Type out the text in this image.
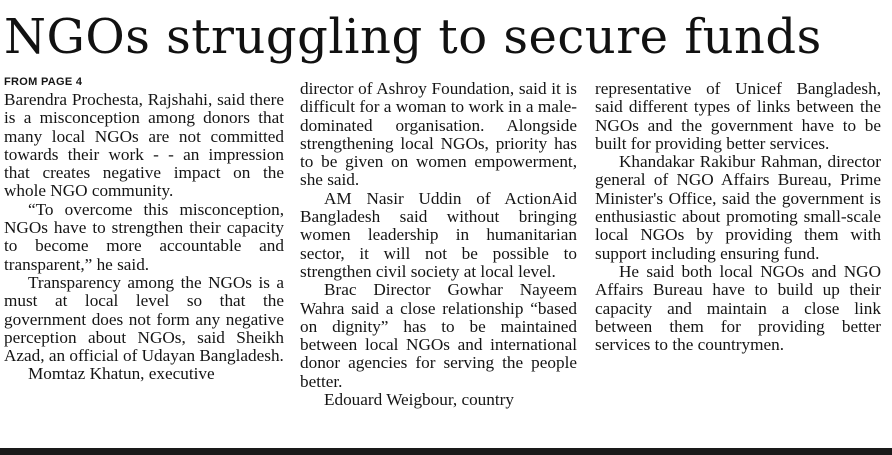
NGOs struggling to secure funds
FROM PAGE 4

Barendra Prochesta, Rajshahi, said there is a misconception among donors that many local NGOs are not committed towards their work - - an impression that creates negative impact on the whole NGO community.

“To overcome this misconception, NGOs have to strengthen their capacity to become more accountable and transparent,” he said.

Transparency among the NGOs is a must at local level so that the government does not form any negative perception about NGOs, said Sheikh Azad, an official of Udayan Bangladesh.

Momtaz Khatun, executive

director of Ashroy Foundation, said it is difficult for a woman to work in a male-dominated organisation. Alongside strengthening local NGOs, priority has to be given on women empowerment, she said.

AM Nasir Uddin of ActionAid Bangladesh said without bringing women leadership in humanitarian sector, it will not be possible to strengthen civil society at local level.

Brac Director Gowhar Nayeem Wahra said a close relationship “based on dignity” has to be maintained between local NGOs and international donor agencies for serving the people better.

Edouard Weigbour, country

representative of Unicef Bangladesh, said different types of links between the NGOs and the government have to be built for providing better services.

Khandakar Rakibur Rahman, director general of NGO Affairs Bureau, Prime Minister's Office, said the government is enthusiastic about promoting small-scale local NGOs by providing them with support including ensuring fund.

He said both local NGOs and NGO Affairs Bureau have to build up their capacity and maintain a close link between them for providing better services to the countrymen.
